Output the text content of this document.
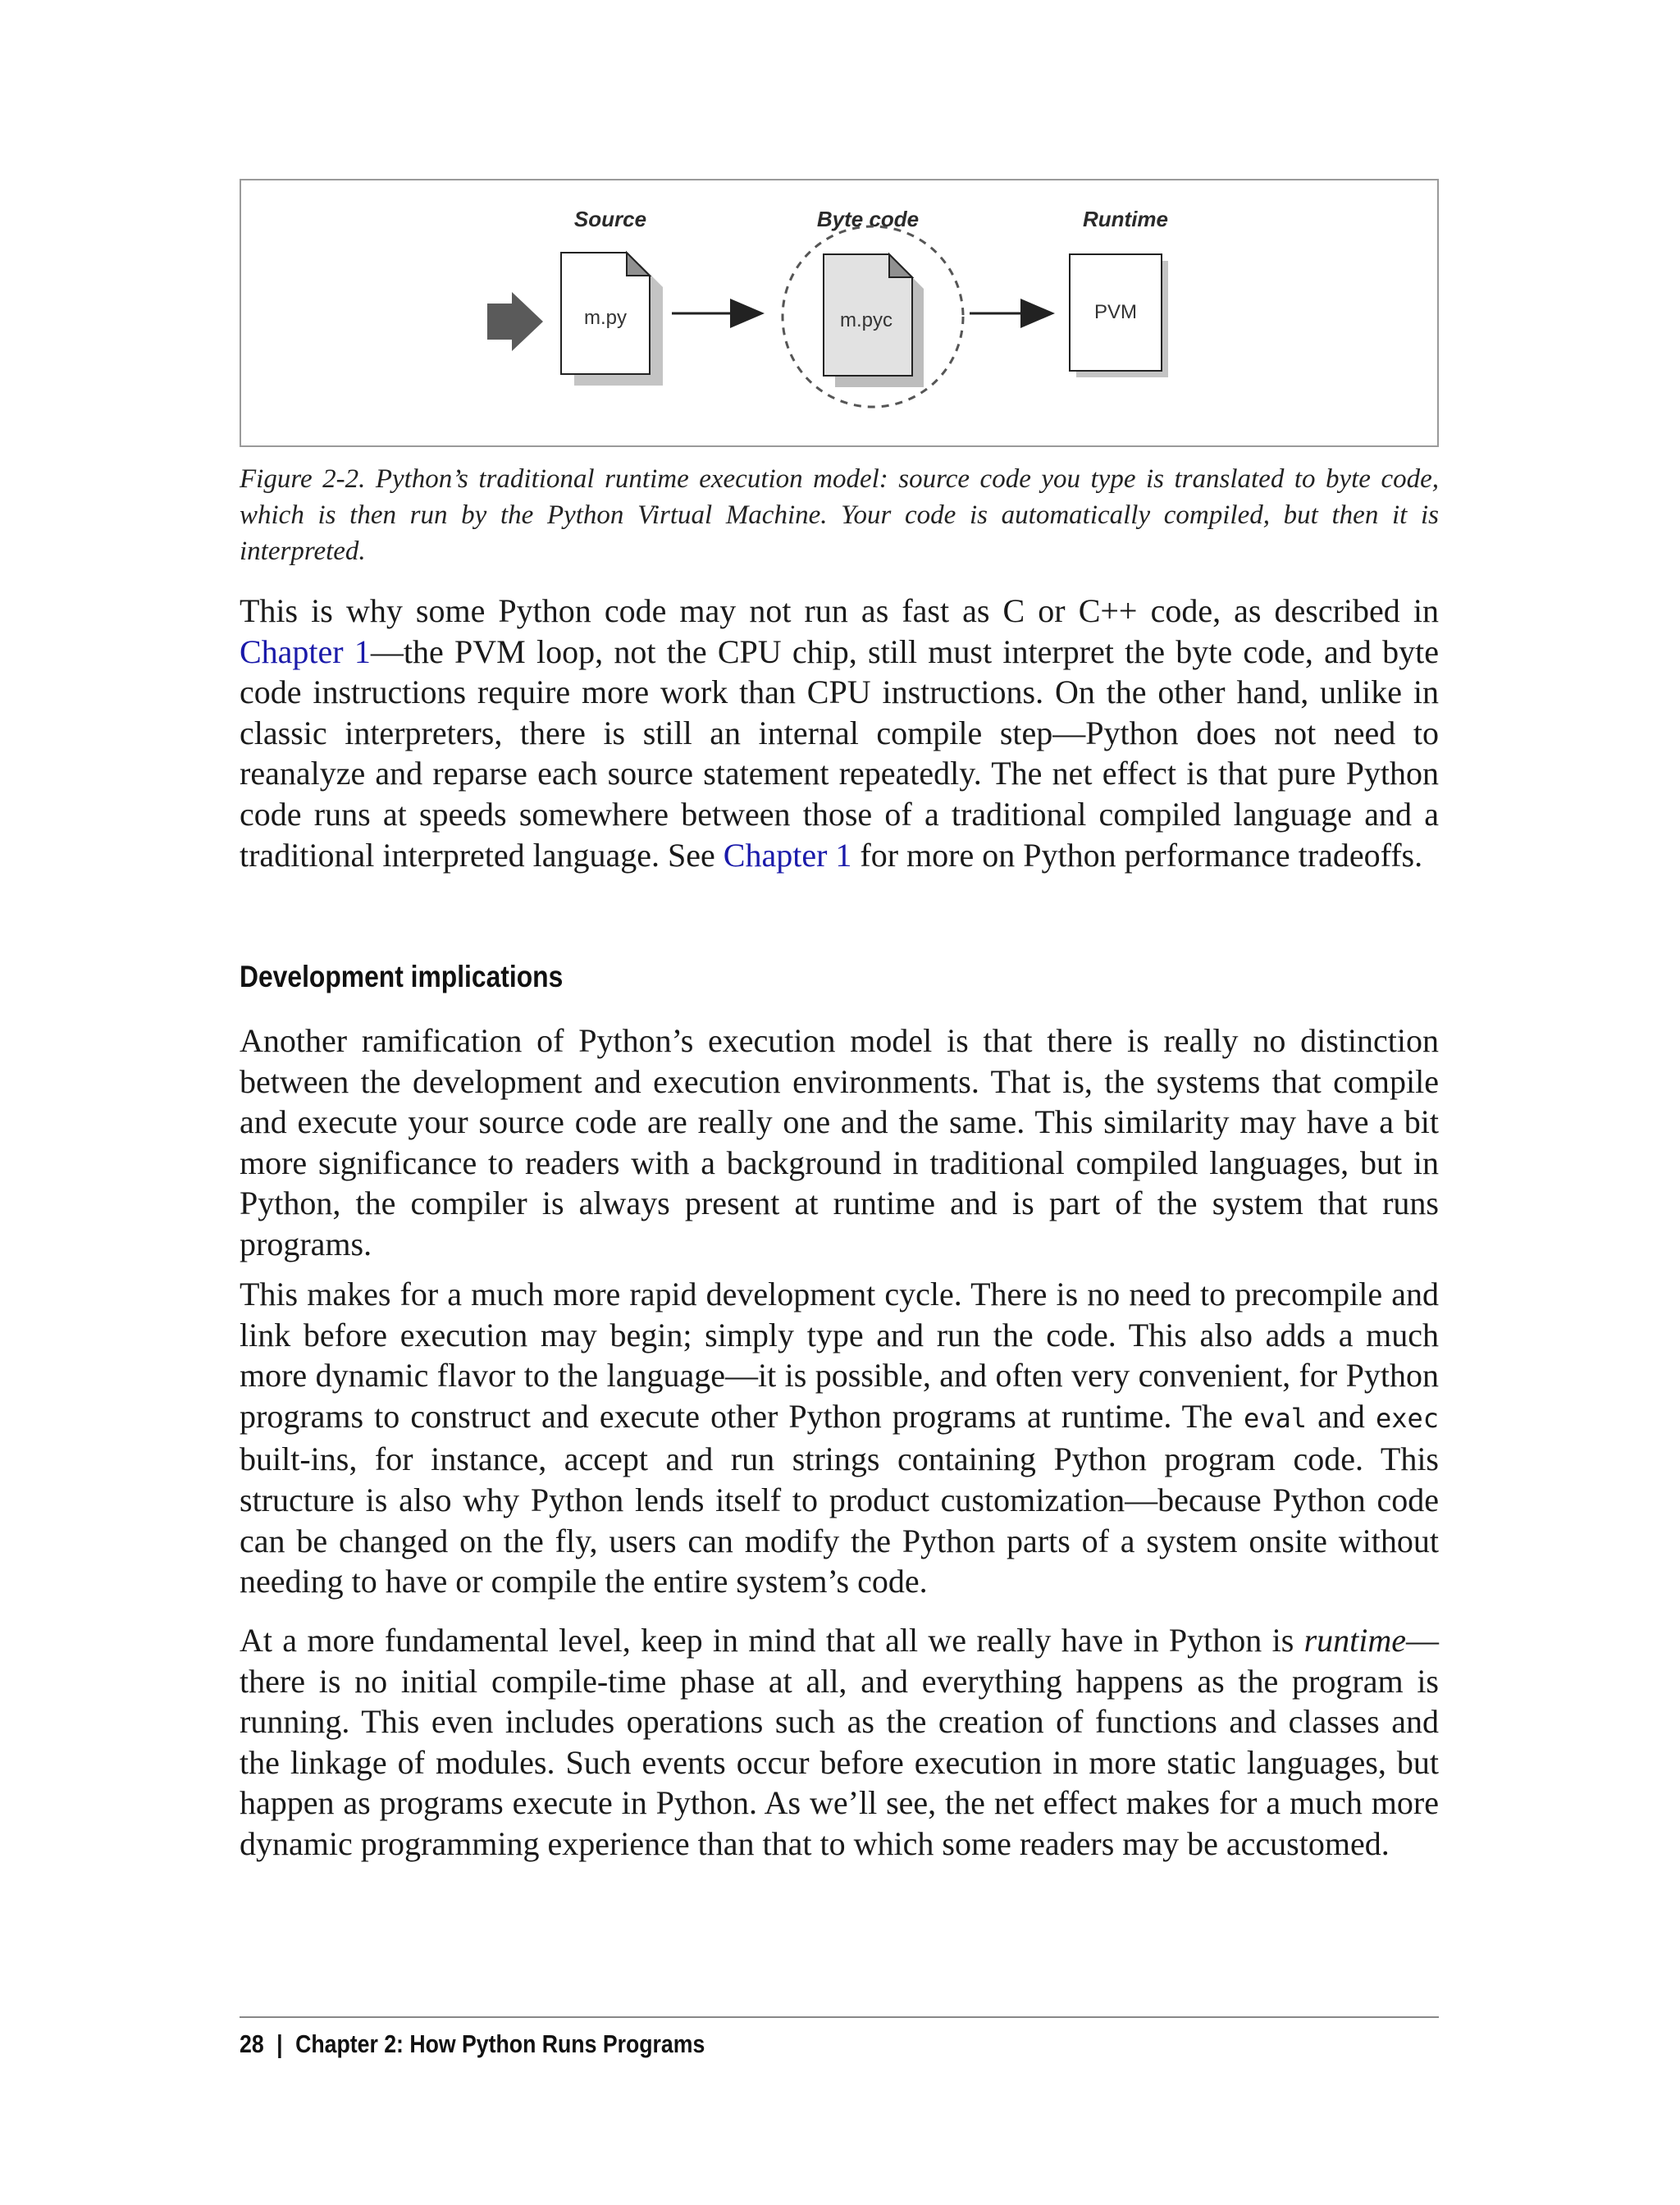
Source	Byte code	Runtime
m.py	m.pyc	PVM
Figure 2-2. Python’s traditional runtime execution model: source code you type is translated to byte code, which is then run by the Python Virtual Machine. Your code is automatically compiled, but then it is interpreted.

This is why some Python code may not run as fast as C or C++ code, as described in Chapter 1—the PVM loop, not the CPU chip, still must interpret the byte code, and byte code instructions require more work than CPU instructions. On the other hand, unlike in classic interpreters, there is still an internal compile step—Python does not need to reanalyze and reparse each source statement repeatedly. The net effect is that pure Python code runs at speeds somewhere between those of a traditional compiled language and a traditional interpreted language. See Chapter 1 for more on Python performance tradeoffs.

Development implications

Another ramification of Python’s execution model is that there is really no distinction between the development and execution environments. That is, the systems that compile and execute your source code are really one and the same. This similarity may have a bit more significance to readers with a background in traditional compiled languages, but in Python, the compiler is always present at runtime and is part of the system that runs programs.

This makes for a much more rapid development cycle. There is no need to precompile and link before execution may begin; simply type and run the code. This also adds a much more dynamic flavor to the language—it is possible, and often very convenient, for Python programs to construct and execute other Python programs at runtime. The eval and exec built-ins, for instance, accept and run strings containing Python program code. This structure is also why Python lends itself to product customization—because Python code can be changed on the fly, users can modify the Python parts of a system onsite without needing to have or compile the entire system’s code.

At a more fundamental level, keep in mind that all we really have in Python is runtime— there is no initial compile-time phase at all, and everything happens as the program is running. This even includes operations such as the creation of functions and classes and the linkage of modules. Such events occur before execution in more static languages, but happen as programs execute in Python. As we’ll see, the net effect makes for a much more dynamic programming experience than that to which some readers may be accustomed.

28 | Chapter 2: How Python Runs Programs
